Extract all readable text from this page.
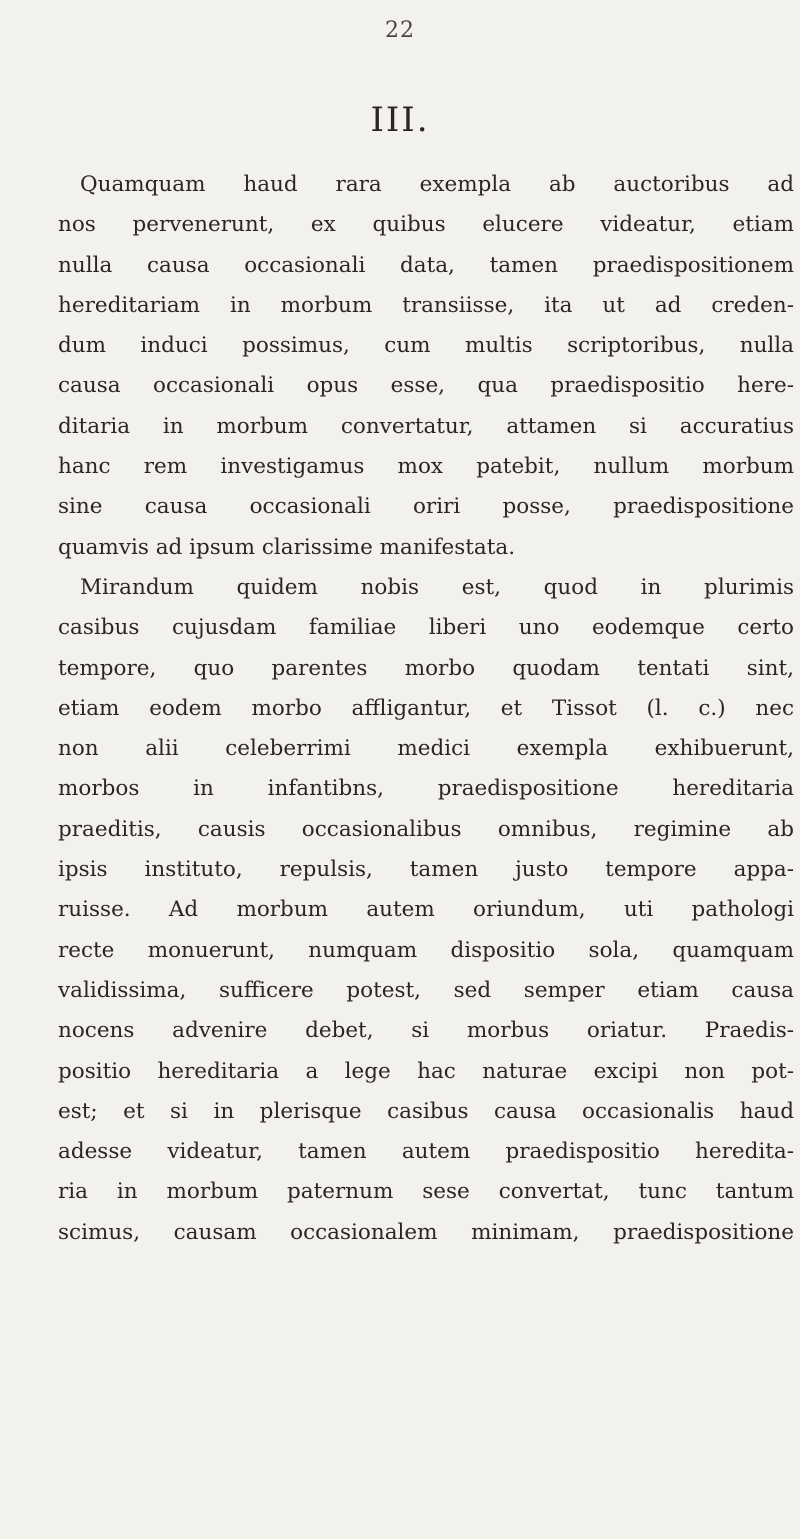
22
III.
Quamquam haud rara exempla ab auctoribus ad
nos pervenerunt, ex quibus elucere videatur, etiam
nulla causa occasionali data, tamen praedispositionem
hereditariam in morbum transiisse, ita ut ad creden-
dum induci possimus, cum multis scriptoribus, nulla
causa occasionali opus esse, qua praedispositio here-
ditaria in morbum convertatur, attamen si accuratius
hanc rem investigamus mox patebit, nullum morbum
sine causa occasionali oriri posse, praedispositione
quamvis ad ipsum clarissime manifestata.
Mirandum quidem nobis est, quod in plurimis
casibus cujusdam familiae liberi uno eodemque certo
tempore, quo parentes morbo quodam tentati sint,
etiam eodem morbo affligantur, et Tissot (l. c.) nec
non alii celeberrimi medici exempla exhibuerunt,
morbos in infantibns, praedispositione hereditaria
praeditis, causis occasionalibus omnibus, regimine ab
ipsis instituto, repulsis, tamen justo tempore appa-
ruisse. Ad morbum autem oriundum, uti pathologi
recte monuerunt, numquam dispositio sola, quamquam
validissima, sufficere potest, sed semper etiam causa
nocens advenire debet, si morbus oriatur. Praedis-
positio hereditaria a lege hac naturae excipi non pot-
est; et si in plerisque casibus causa occasionalis haud
adesse videatur, tamen autem praedispositio heredita-
ria in morbum paternum sese convertat, tunc tantum
scimus, causam occasionalem minimam, praedispositione
